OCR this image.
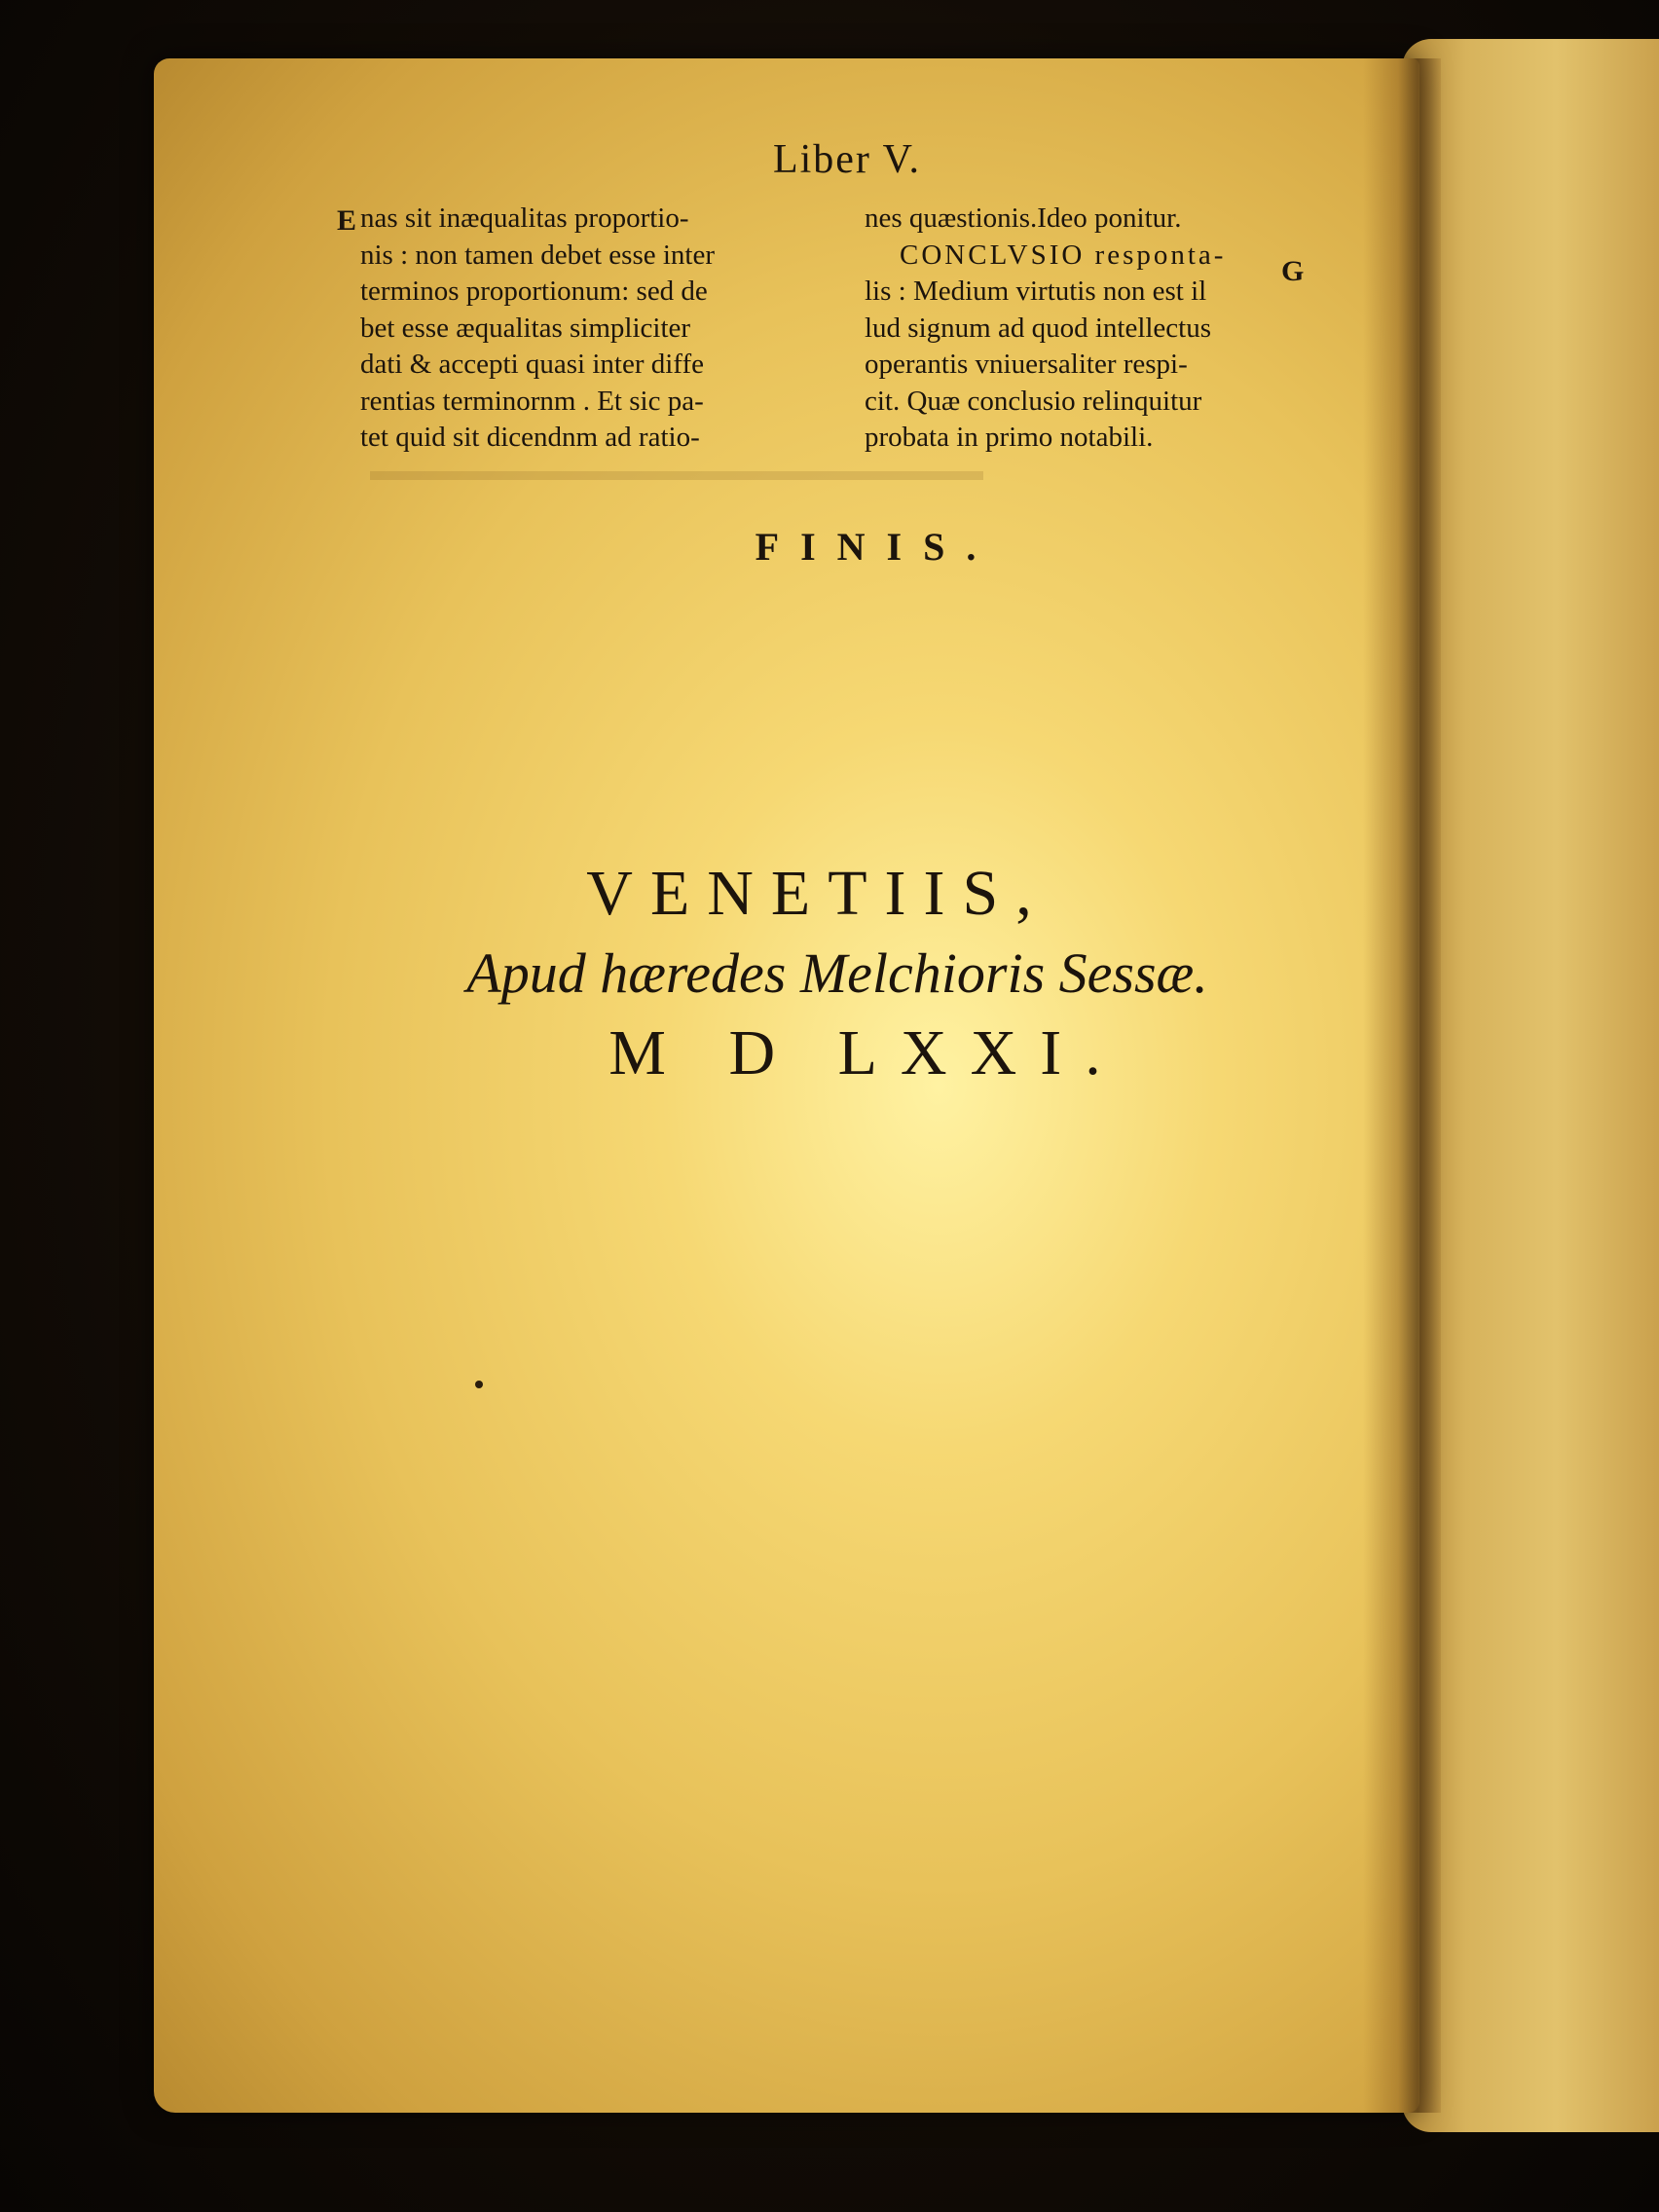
▬▬▬▬▬▬▬▬▬▬▬▬▬▬▬▬▬▬▬▬▬
Liber V.
E
G
nas sit inæqualitas proportio-
nis : non tamen debet esse inter
terminos proportionum: sed de
bet esse æqualitas simpliciter
dati & accepti quasi inter diffe
rentias terminornm . Et sic pa-
tet quid sit dicendnm ad ratio-
nes quæstionis.Ideo ponitur.
CONCLVSIO responta-
lis : Medium virtutis non est il
lud signum ad quod intellectus
operantis vniuersaliter respi-
cit. Quæ conclusio relinquitur
probata in primo notabili.
FINIS.
VENETIIS,
Apud hæredes Melchioris Sessæ.
M D LXXI.
